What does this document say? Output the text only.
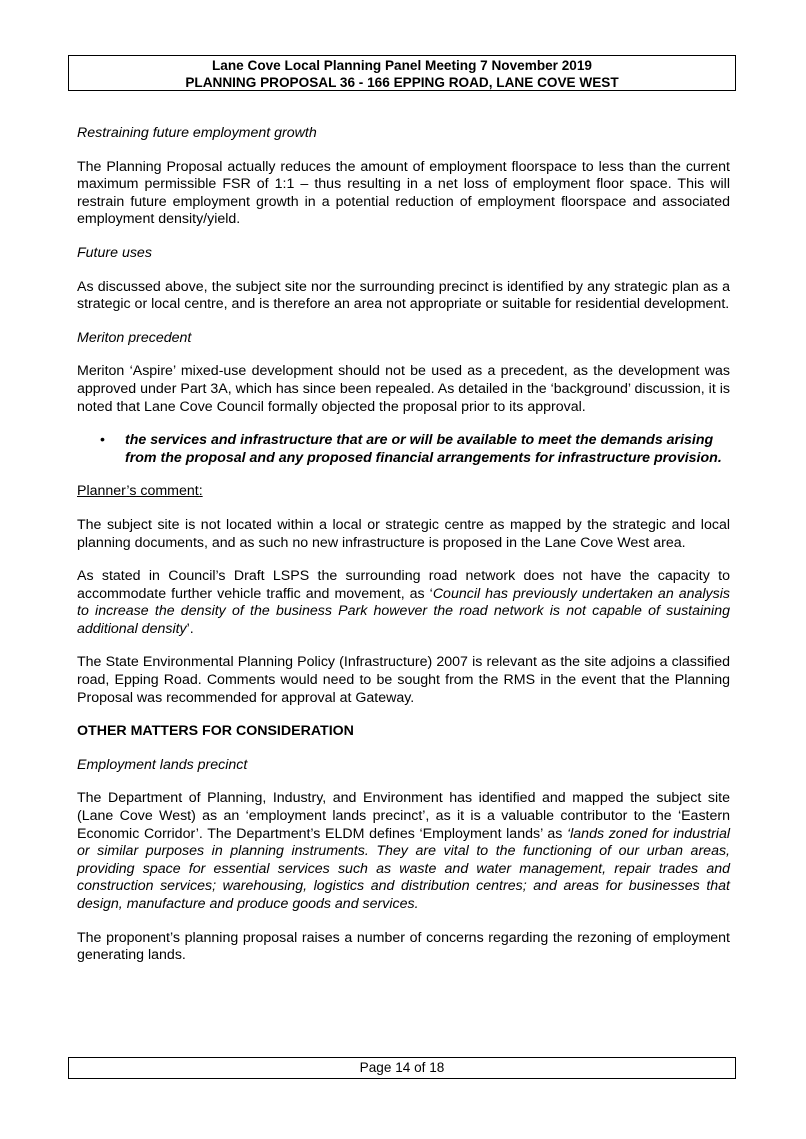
Lane Cove Local Planning Panel Meeting 7 November 2019
PLANNING PROPOSAL 36 - 166 EPPING ROAD, LANE COVE WEST

Restraining future employment growth

The Planning Proposal actually reduces the amount of employment floorspace to less than the current maximum permissible FSR of 1:1 – thus resulting in a net loss of employment floor space. This will restrain future employment growth in a potential reduction of employment floorspace and associated employment density/yield.

Future uses

As discussed above, the subject site nor the surrounding precinct is identified by any strategic plan as a strategic or local centre, and is therefore an area not appropriate or suitable for residential development.

Meriton precedent

Meriton ‘Aspire’ mixed-use development should not be used as a precedent, as the development was approved under Part 3A, which has since been repealed. As detailed in the ‘background’ discussion, it is noted that Lane Cove Council formally objected the proposal prior to its approval.

• the services and infrastructure that are or will be available to meet the demands arising from the proposal and any proposed financial arrangements for infrastructure provision.

Planner’s comment:

The subject site is not located within a local or strategic centre as mapped by the strategic and local planning documents, and as such no new infrastructure is proposed in the Lane Cove West area.

As stated in Council’s Draft LSPS the surrounding road network does not have the capacity to accommodate further vehicle traffic and movement, as ‘Council has previously undertaken an analysis to increase the density of the business Park however the road network is not capable of sustaining additional density’.

The State Environmental Planning Policy (Infrastructure) 2007 is relevant as the site adjoins a classified road, Epping Road. Comments would need to be sought from the RMS in the event that the Planning Proposal was recommended for approval at Gateway.

OTHER MATTERS FOR CONSIDERATION

Employment lands precinct

The Department of Planning, Industry, and Environment has identified and mapped the subject site (Lane Cove West) as an ‘employment lands precinct’, as it is a valuable contributor to the ‘Eastern Economic Corridor’. The Department’s ELDM defines ‘Employment lands’ as ‘lands zoned for industrial or similar purposes in planning instruments. They are vital to the functioning of our urban areas, providing space for essential services such as waste and water management, repair trades and construction services; warehousing, logistics and distribution centres; and areas for businesses that design, manufacture and produce goods and services.

The proponent’s planning proposal raises a number of concerns regarding the rezoning of employment generating lands.

Page 14 of 18
